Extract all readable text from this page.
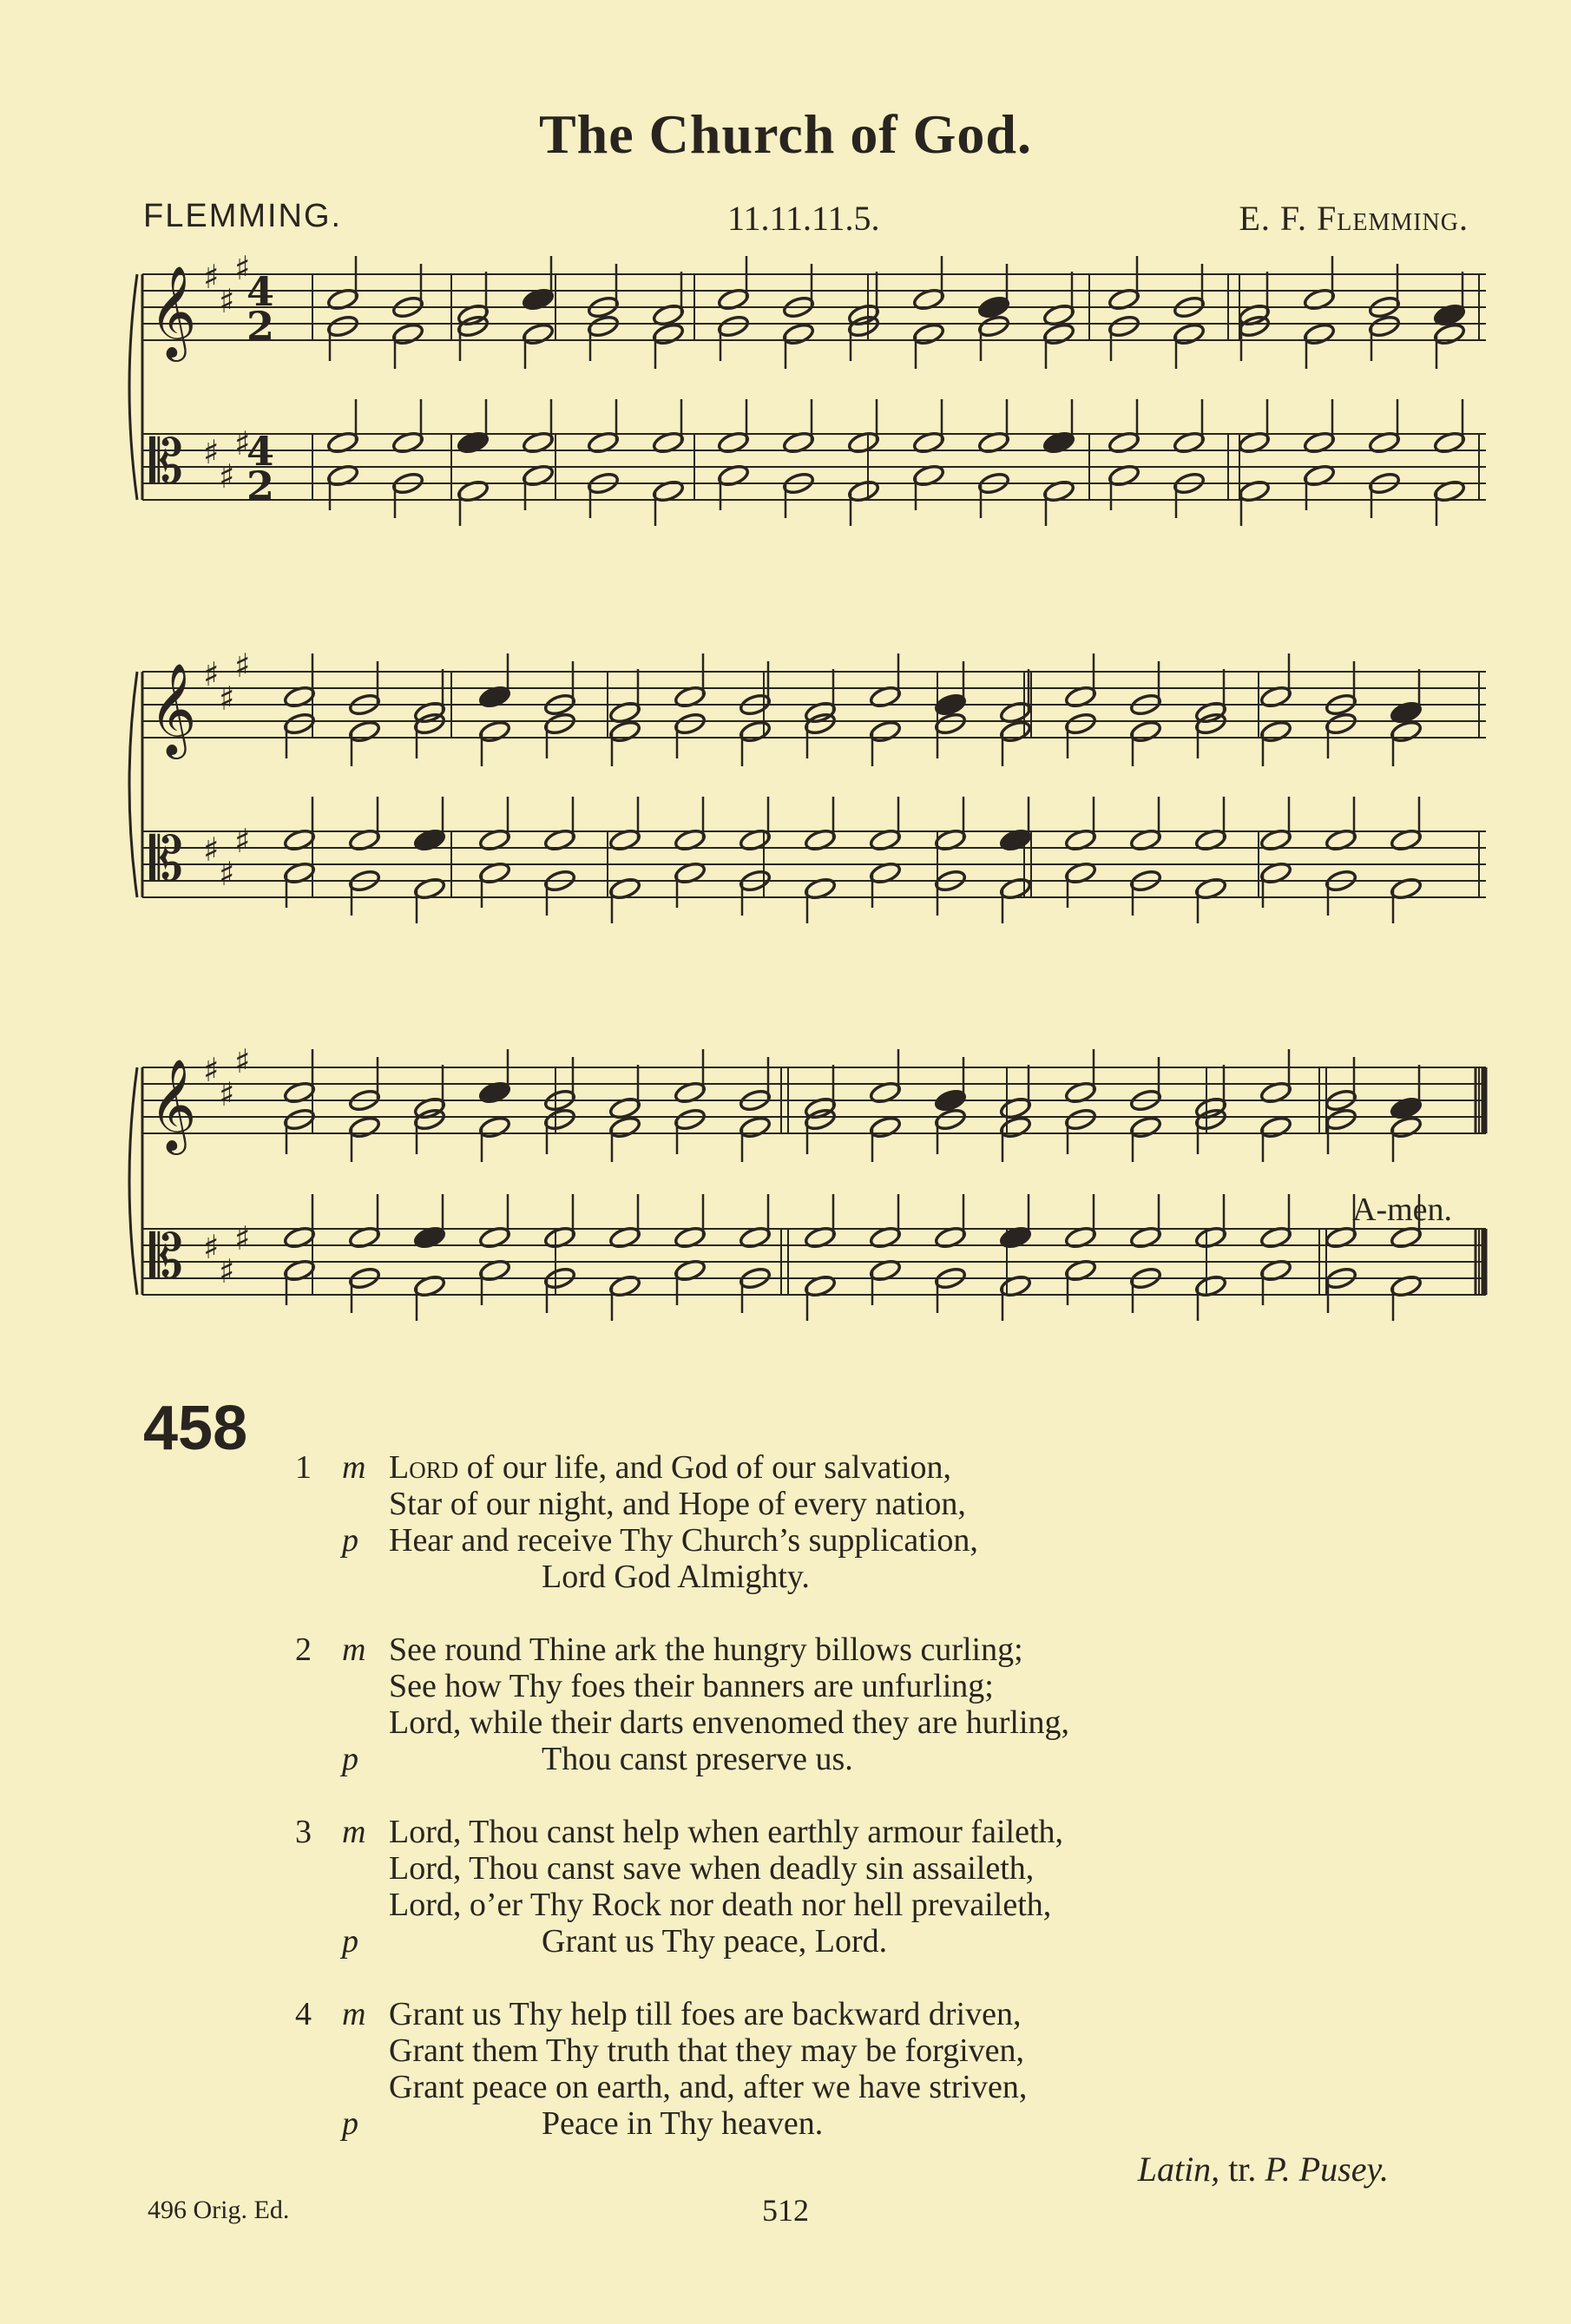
The Church of God.
FLEMMING.	11.11.11.5.	E. F. Flemming.
𝄞
𝄡
♯
♯
♯
♯
♯
♯
4
2
4
2
𝄞
𝄡
♯
♯
♯
♯
♯
♯
𝄞
𝄡
♯
♯
♯
♯
♯
♯
A-men.
458
1 m Lord of our life, and God of our salvation,
Star of our night, and Hope of every nation,
p Hear and receive Thy Church’s supplication,
Lord God Almighty.
2 m See round Thine ark the hungry billows curling;
See how Thy foes their banners are unfurling;
Lord, while their darts envenomed they are hurling,
p	Thou canst preserve us.
3 m Lord, Thou canst help when earthly armour faileth,
Lord, Thou canst save when deadly sin assaileth,
Lord, o’er Thy Rock nor death nor hell prevaileth,
p	Grant us Thy peace, Lord.
4 m Grant us Thy help till foes are backward driven,
Grant them Thy truth that they may be forgiven,
Grant peace on earth, and, after we have striven,
p	Peace in Thy heaven.
Latin, tr. P. Pusey.
496 Orig. Ed.	512
